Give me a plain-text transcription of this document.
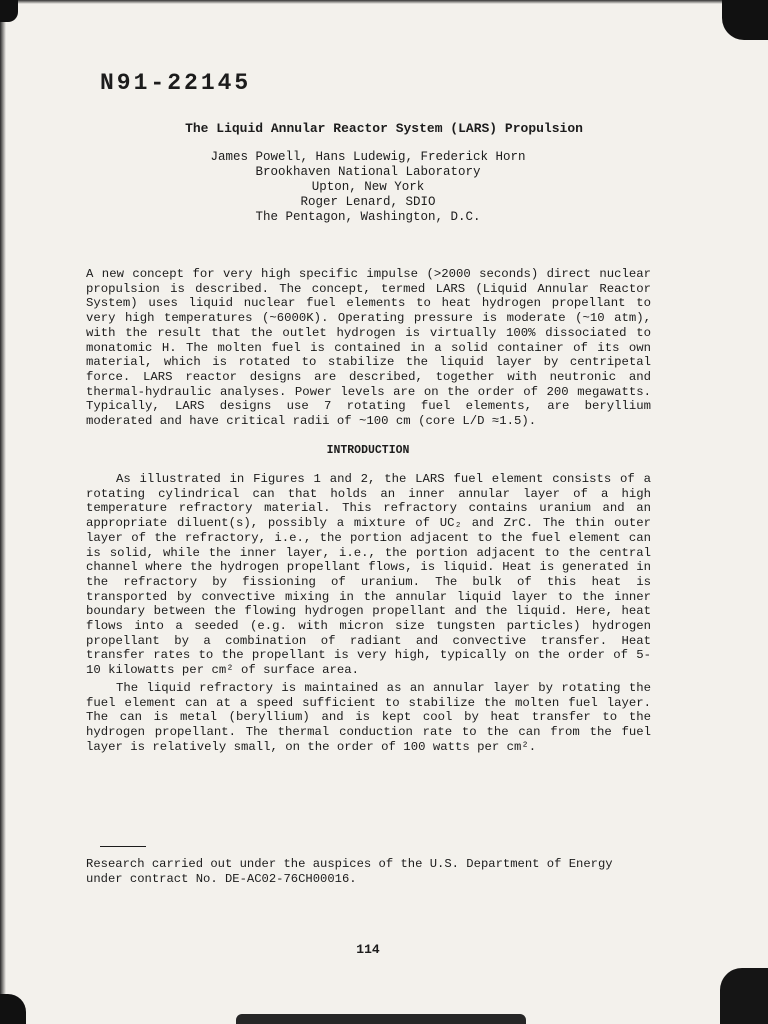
N91-22145
The Liquid Annular Reactor System (LARS) Propulsion
James Powell, Hans Ludewig, Frederick Horn
Brookhaven National Laboratory
Upton, New York
Roger Lenard, SDIO
The Pentagon, Washington, D.C.

A new concept for very high specific impulse (>2000 seconds) direct nuclear propulsion is described. The concept, termed LARS (Liquid Annular Reactor System) uses liquid nuclear fuel elements to heat hydrogen propellant to very high temperatures (~6000K). Operating pressure is moderate (~10 atm), with the result that the outlet hydrogen is virtually 100% dissociated to monatomic H. The molten fuel is contained in a solid container of its own material, which is rotated to stabilize the liquid layer by centripetal force. LARS reactor designs are described, together with neutronic and thermal-hydraulic analyses. Power levels are on the order of 200 megawatts. Typically, LARS designs use 7 rotating fuel elements, are beryllium moderated and have critical radii of ~100 cm (core L/D ≈1.5).

INTRODUCTION

As illustrated in Figures 1 and 2, the LARS fuel element consists of a rotating cylindrical can that holds an inner annular layer of a high temperature refractory material. This refractory contains uranium and an appropriate diluent(s), possibly a mixture of UC₂ and ZrC. The thin outer layer of the refractory, i.e., the portion adjacent to the fuel element can is solid, while the inner layer, i.e., the portion adjacent to the central channel where the hydrogen propellant flows, is liquid. Heat is generated in the refractory by fissioning of uranium. The bulk of this heat is transported by convective mixing in the annular liquid layer to the inner boundary between the flowing hydrogen propellant and the liquid. Here, heat flows into a seeded (e.g. with micron size tungsten particles) hydrogen propellant by a combination of radiant and convective transfer. Heat transfer rates to the propellant is very high, typically on the order of 5-10 kilowatts per cm² of surface area.

The liquid refractory is maintained as an annular layer by rotating the fuel element can at a speed sufficient to stabilize the molten fuel layer. The can is metal (beryllium) and is kept cool by heat transfer to the hydrogen propellant. The thermal conduction rate to the can from the fuel layer is relatively small, on the order of 100 watts per cm².

Research carried out under the auspices of the U.S. Department of Energy under contract No. DE-AC02-76CH00016.

114
